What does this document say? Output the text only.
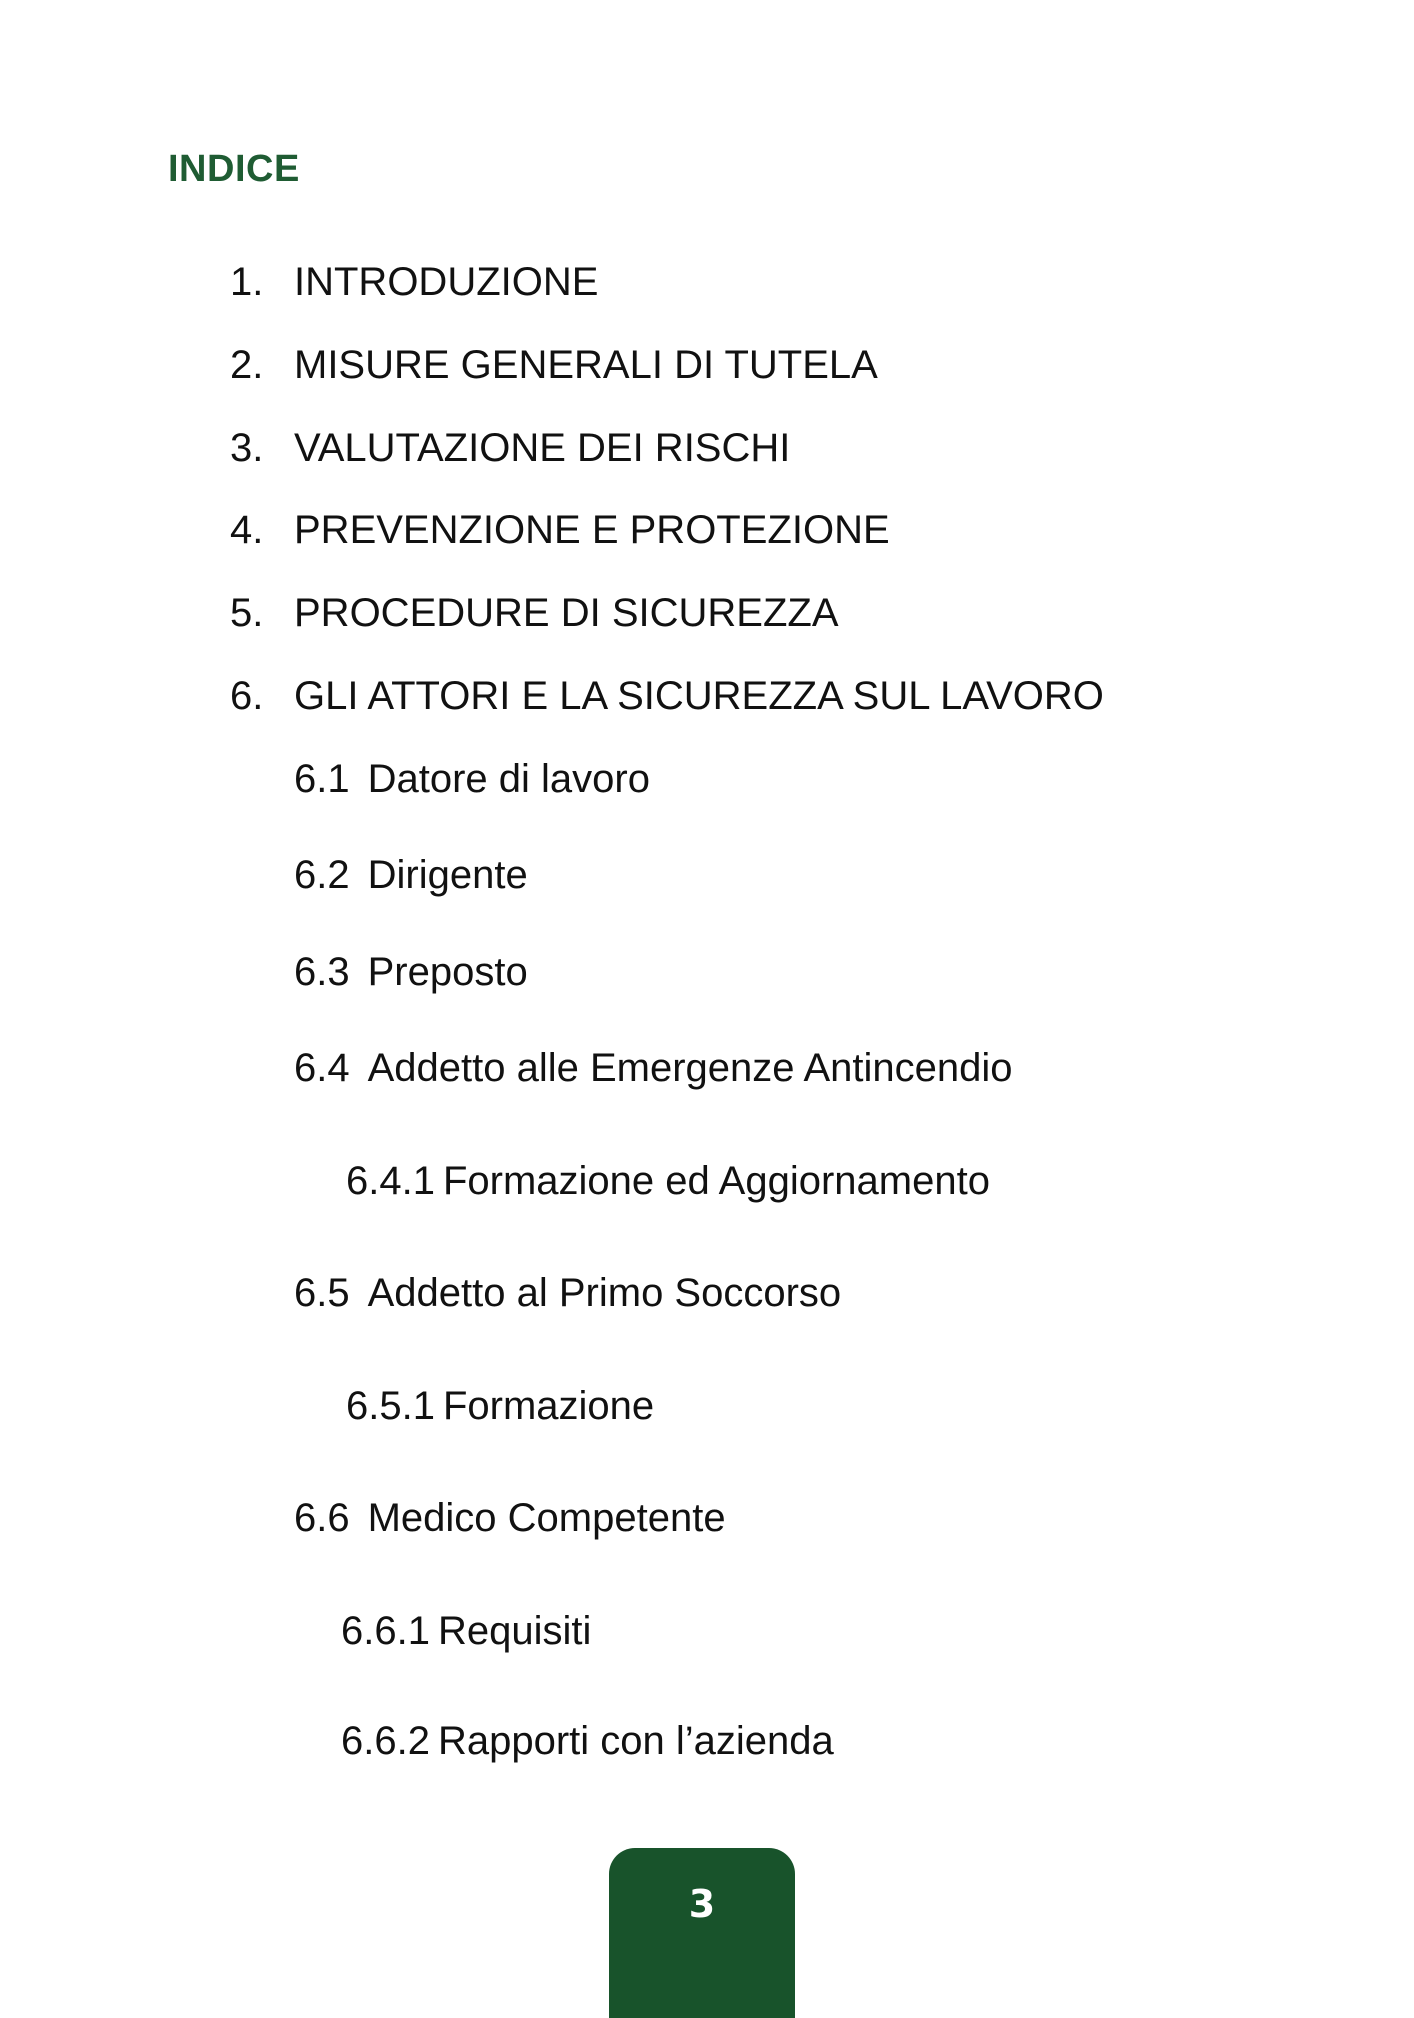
INDICE
1. INTRODUZIONE
2. MISURE GENERALI DI TUTELA
3. VALUTAZIONE DEI RISCHI
4. PREVENZIONE E PROTEZIONE
5. PROCEDURE DI SICUREZZA
6. GLI ATTORI E LA SICUREZZA SUL LAVORO
6.1 Datore di lavoro
6.2 Dirigente
6.3 Preposto
6.4 Addetto alle Emergenze Antincendio
6.4.1 Formazione ed Aggiornamento
6.5 Addetto al Primo Soccorso
6.5.1 Formazione
6.6 Medico Competente
6.6.1 Requisiti
6.6.2 Rapporti con l’azienda
3
